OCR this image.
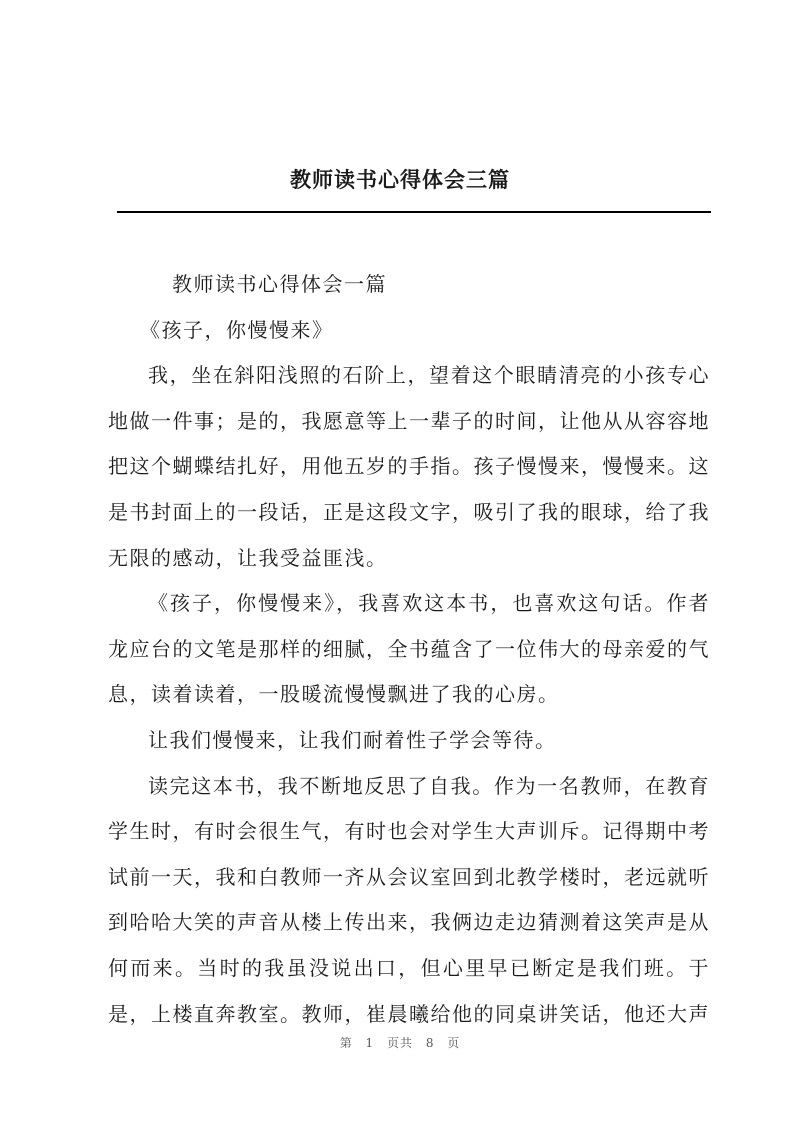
教师读书心得体会三篇

教师读书心得体会一篇

《孩子，你慢慢来》

我，坐在斜阳浅照的石阶上，望着这个眼睛清亮的小孩专心地做一件事；是的，我愿意等上一辈子的时间，让他从从容容地把这个蝴蝶结扎好，用他五岁的手指。孩子慢慢来，慢慢来。这是书封面上的一段话，正是这段文字，吸引了我的眼球，给了我无限的感动，让我受益匪浅。

《孩子，你慢慢来》，我喜欢这本书，也喜欢这句话。作者龙应台的文笔是那样的细腻，全书蕴含了一位伟大的母亲爱的气息，读着读着，一股暖流慢慢飘进了我的心房。

让我们慢慢来，让我们耐着性子学会等待。

读完这本书，我不断地反思了自我。作为一名教师，在教育学生时，有时会很生气，有时也会对学生大声训斥。记得期中考试前一天，我和白教师一齐从会议室回到北教学楼时，老远就听到哈哈大笑的声音从楼上传出来，我俩边走边猜测着这笑声是从何而来。当时的我虽没说出口，但心里早已断定是我们班。于是，上楼直奔教室。教师，崔晨曦给他的同桌讲笑话，他还大声

第 1 页共 8 页
